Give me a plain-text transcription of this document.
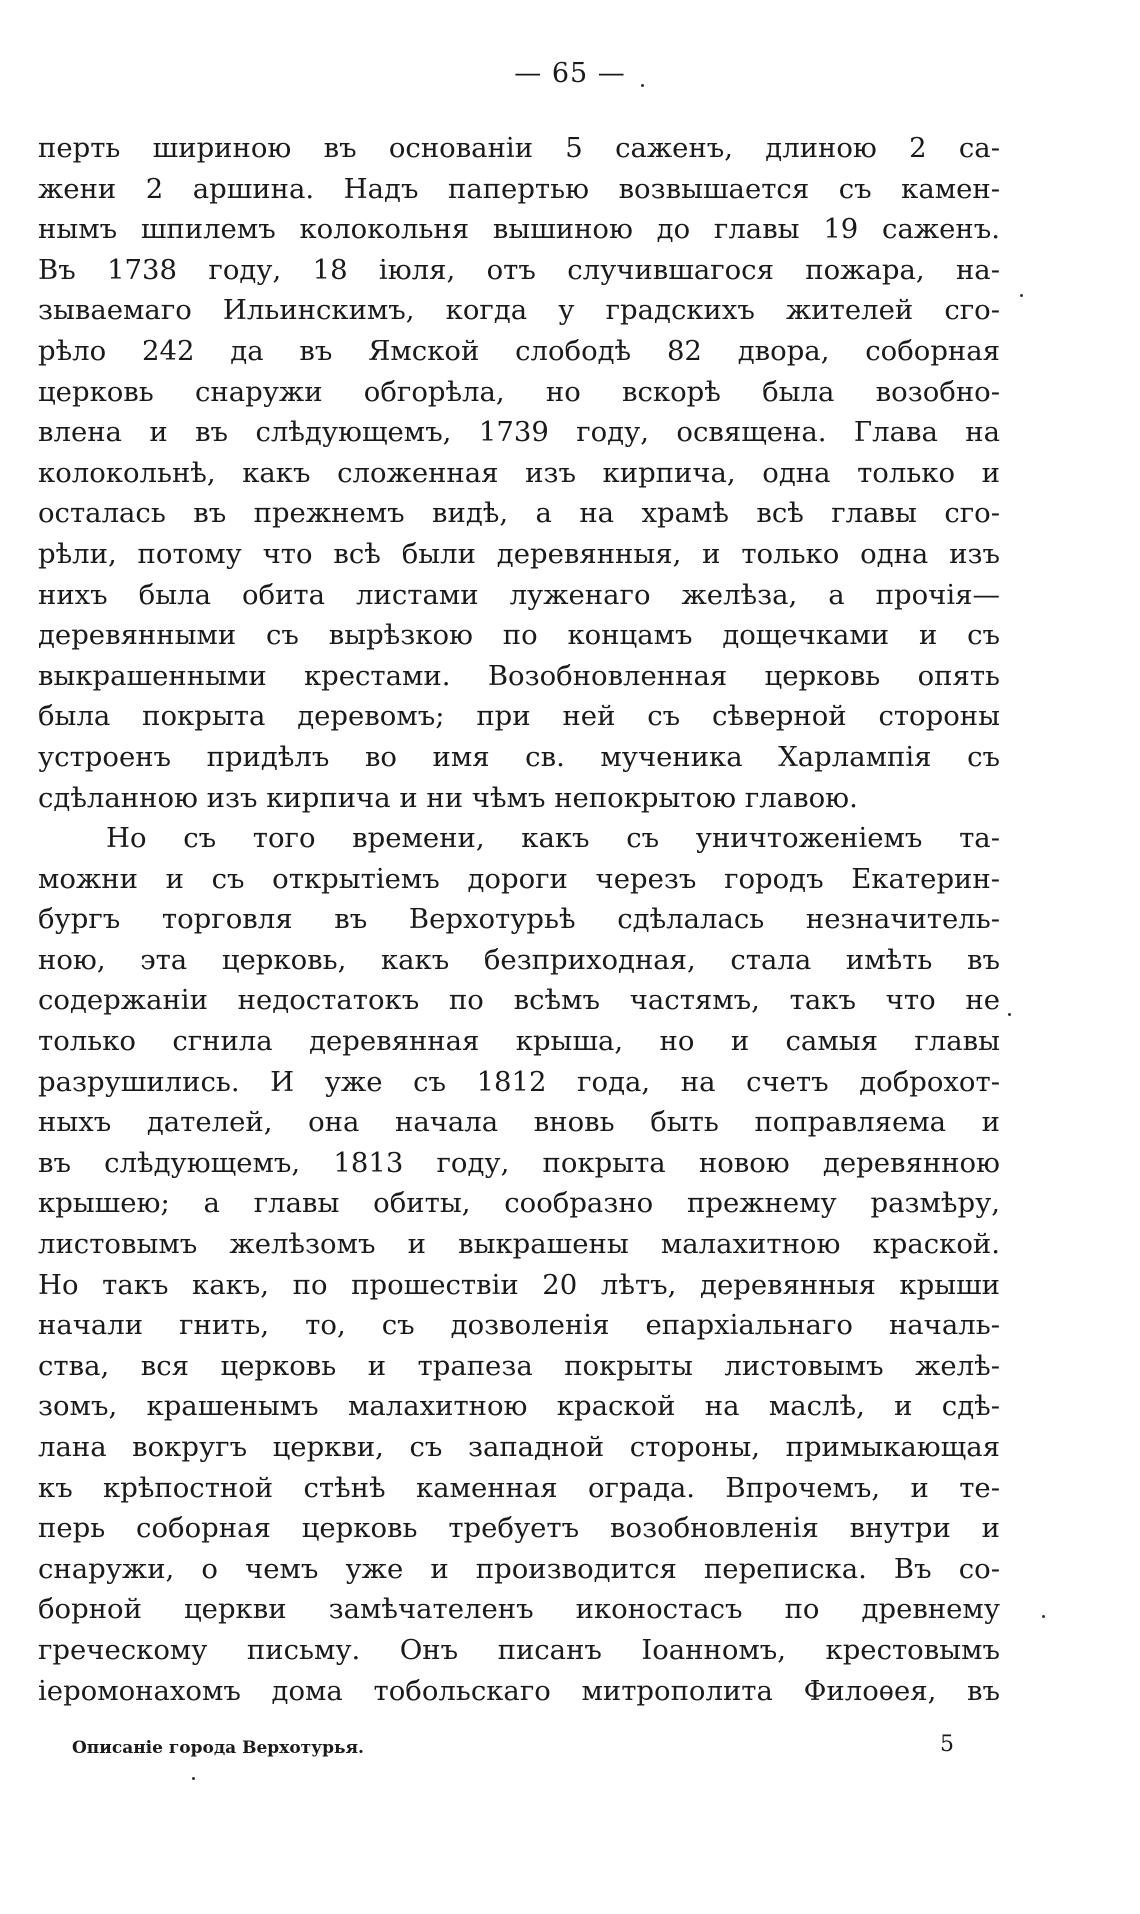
— 65 —
перть шириною въ основанiи 5 саженъ, длиною 2 са-
жени 2 аршина. Надъ папертью возвышается съ камен-
нымъ шпилемъ колокольня вышиною до главы 19 саженъ.
Въ 1738 году, 18 iюля, отъ случившагося пожара, на-
зываемаго Ильинскимъ, когда у градскихъ жителей сго-
рѣло 242 да въ Ямской слободѣ 82 двора, соборная
церковь снаружи обгорѣла, но вскорѣ была возобно-
влена и въ слѣдующемъ, 1739 году, освящена. Глава на
колокольнѣ, какъ сложенная изъ кирпича, одна только и
осталась въ прежнемъ видѣ, а на храмѣ всѣ главы сго-
рѣли, потому что всѣ были деревянныя, и только одна изъ
нихъ была обита листами луженаго желѣза, а прочiя—
деревянными съ вырѣзкою по концамъ дощечками и съ
выкрашенными крестами. Возобновленная церковь опять
была покрыта деревомъ; при ней съ сѣверной стороны
устроенъ придѣлъ во имя св. мученика Харлампiя съ
сдѣланною изъ кирпича и ни чѣмъ непокрытою главою.
Но съ того времени, какъ съ уничтоженiемъ та-
можни и съ открытiемъ дороги черезъ городъ Екатерин-
бургъ торговля въ Верхотурьѣ сдѣлалась незначитель-
ною, эта церковь, какъ безприходная, стала имѣть въ
содержанiи недостатокъ по всѣмъ частямъ, такъ что не
только сгнила деревянная крыша, но и самыя главы
разрушились. И уже съ 1812 года, на счетъ доброхот-
ныхъ дателей, она начала вновь быть поправляема и
въ слѣдующемъ, 1813 году, покрыта новою деревянною
крышею; а главы обиты, сообразно прежнему размѣру,
листовымъ желѣзомъ и выкрашены малахитною краской.
Но такъ какъ, по прошествiи 20 лѣтъ, деревянныя крыши
начали гнить, то, съ дозволенiя епархiальнаго началь-
ства, вся церковь и трапеза покрыты листовымъ желѣ-
зомъ, крашенымъ малахитною краской на маслѣ, и сдѣ-
лана вокругъ церкви, съ западной стороны, примыкающая
къ крѣпостной стѣнѣ каменная ограда. Впрочемъ, и те-
перь соборная церковь требуетъ возобновленiя внутри и
снаружи, о чемъ уже и производится переписка. Въ со-
борной церкви замѣчателенъ иконостасъ по древнему
греческому письму. Онъ писанъ Iоанномъ, крестовымъ
iеромонахомъ дома тобольскаго митрополита Филоѳея, въ
Описанiе города Верхотурья.	5
